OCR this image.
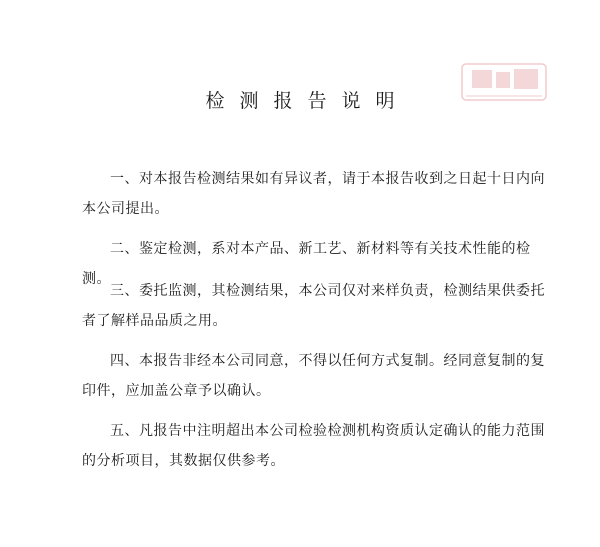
检测报告说明

一、对本报告检测结果如有异议者，请于本报告收到之日起十日内向本公司提出。

二、鉴定检测，系对本产品、新工艺、新材料等有关技术性能的检测。

三、委托监测，其检测结果，本公司仅对来样负责，检测结果供委托者了解样品品质之用。

四、本报告非经本公司同意，不得以任何方式复制。经同意复制的复印件，应加盖公章予以确认。

五、凡报告中注明超出本公司检验检测机构资质认定确认的能力范围的分析项目，其数据仅供参考。
